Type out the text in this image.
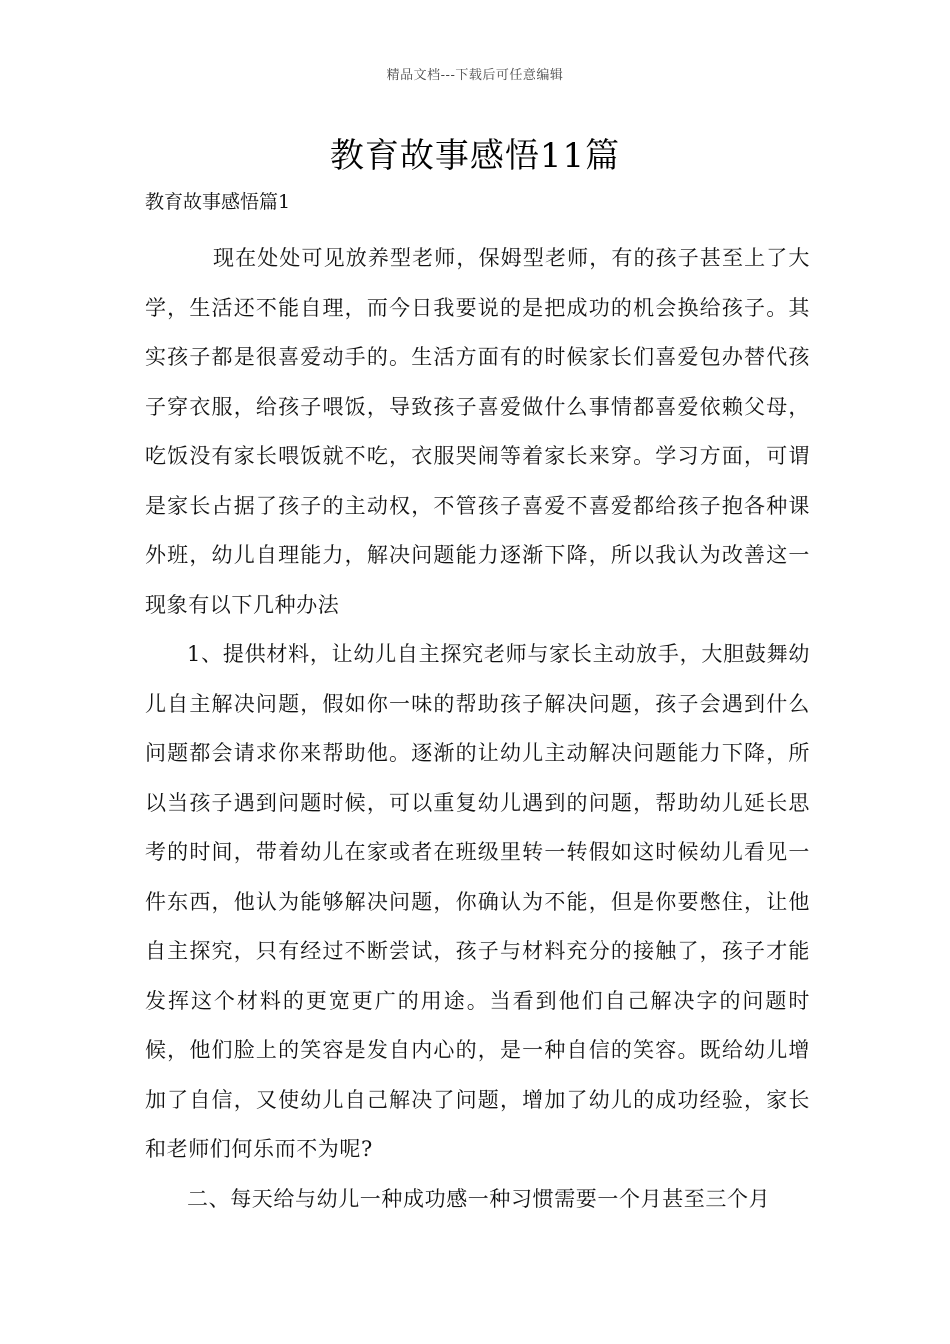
精品文档---下载后可任意编辑
教育故事感悟11篇
教育故事感悟篇1

现在处处可见放养型老师，保姆型老师，有的孩子甚至上了大学，生活还不能自理，而今日我要说的是把成功的机会换给孩子。其实孩子都是很喜爱动手的。生活方面有的时候家长们喜爱包办替代孩子穿衣服，给孩子喂饭，导致孩子喜爱做什么事情都喜爱依赖父母，吃饭没有家长喂饭就不吃，衣服哭闹等着家长来穿。学习方面，可谓是家长占据了孩子的主动权，不管孩子喜爱不喜爱都给孩子抱各种课外班，幼儿自理能力，解决问题能力逐渐下降，所以我认为改善这一现象有以下几种办法

1、提供材料，让幼儿自主探究老师与家长主动放手，大胆鼓舞幼儿自主解决问题，假如你一味的帮助孩子解决问题，孩子会遇到什么问题都会请求你来帮助他。逐渐的让幼儿主动解决问题能力下降，所以当孩子遇到问题时候，可以重复幼儿遇到的问题，帮助幼儿延长思考的时间，带着幼儿在家或者在班级里转一转假如这时候幼儿看见一件东西，他认为能够解决问题，你确认为不能，但是你要憋住，让他自主探究，只有经过不断尝试，孩子与材料充分的接触了，孩子才能发挥这个材料的更宽更广的用途。当看到他们自己解决字的问题时候，他们脸上的笑容是发自内心的，是一种自信的笑容。既给幼儿增加了自信，又使幼儿自己解决了问题，增加了幼儿的成功经验，家长和老师们何乐而不为呢?

二、每天给与幼儿一种成功感一种习惯需要一个月甚至三个月
